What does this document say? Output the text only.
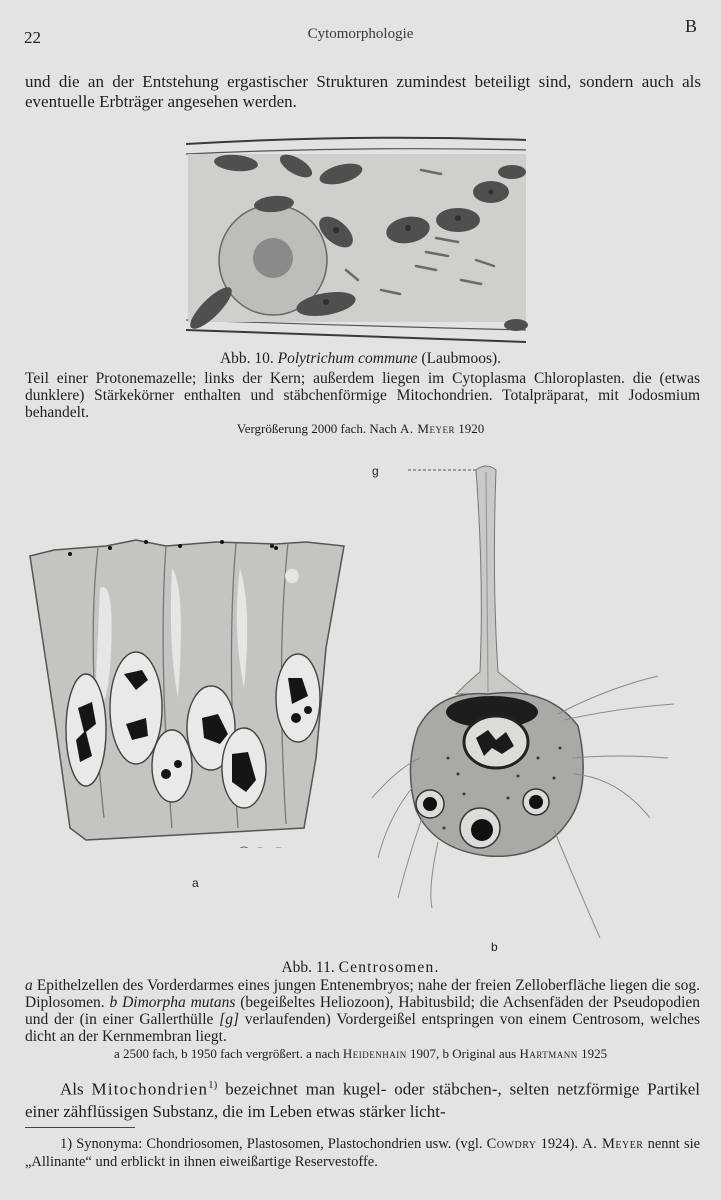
22	Cytomorphologie	B
und die an der Entstehung ergastischer Strukturen zumindest beteiligt sind, sondern auch als eventuelle Erbträger angesehen werden.
Abb. 10. Polytrichum commune (Laubmoos).
Teil einer Protonemazelle; links der Kern; außerdem liegen im Cytoplasma Chloroplasten. die (etwas dunklere) Stärkekörner enthalten und stäbchenförmige Mitochondrien. Totalpräparat, mit Jodosmium behandelt.
Vergrößerung 2000 fach. Nach A. Meyer 1920
g
a
b
Abb. 11. Centrosomen.
a Epithelzellen des Vorderdarmes eines jungen Entenembryos; nahe der freien Zelloberfläche liegen die sog. Diplosomen. b Dimorpha mutans (begeißeltes Heliozoon), Habitusbild; die Achsenfäden der Pseudopodien und der (in einer Gallerthülle [g] verlaufenden) Vordergeißel entspringen von einem Centrosom, welches dicht an der Kernmembran liegt.
a 2500 fach, b 1950 fach vergrößert. a nach Heidenhain 1907, b Original aus Hartmann 1925
Als Mitochondrien$^{1)}$ bezeichnet man kugel- oder stäbchen-, selten netzförmige Partikel einer zähflüssigen Substanz, die im Leben etwas stärker licht-
1) Synonyma: Chondriosomen, Plastosomen, Plastochondrien usw. (vgl. Cowdry 1924). A. Meyer nennt sie „Allinante“ und erblickt in ihnen eiweißartige Reservestoffe.
